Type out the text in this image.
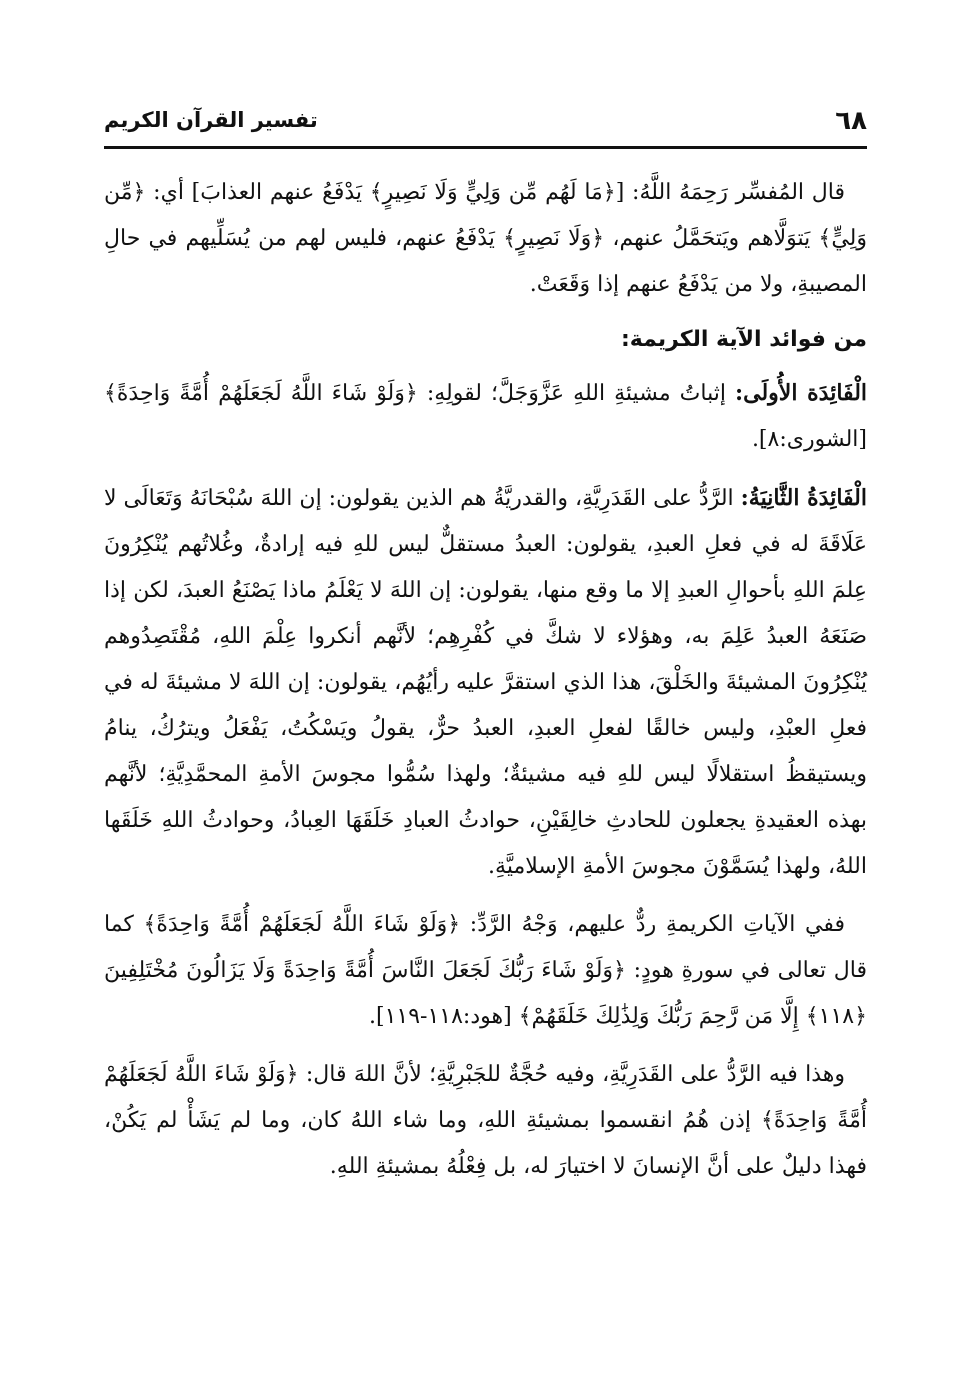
٦٨
تفسير القرآن الكريم

قال المُفسِّر رَحِمَهُ اللَّهُ: [﴿مَا لَهُم مِّن وَلِيٍّ وَلَا نَصِيرٍ﴾ يَدْفَعُ عنهم العذابَ] أي: ﴿مِّن وَلِيٍّ﴾ يَتوَلَّاهم ويَتحَمَّلُ عنهم، ﴿وَلَا نَصِيرٍ﴾ يَدْفَعُ عنهم، فليس لهم من يُسَلِّيهم في حالِ المصيبةِ، ولا من يَدْفَعُ عنهم إذا وَقَعَتْ.

من فوائد الآية الكريمة:

الْفَائِدَة الأُولَى: إثباتُ مشيئةِ اللهِ عَزَّوَجَلَّ؛ لقولِهِ: ﴿وَلَوْ شَاءَ اللَّهُ لَجَعَلَهُمْ أُمَّةً وَاحِدَةً﴾ [الشورى:٨].

الْفَائِدَةُ الثَّانِيَةُ: الرَّدُّ على القَدَرِيَّةِ، والقدريَّةُ هم الذين يقولون: إن اللهَ سُبْحَانَهُ وَتَعَالَى لا عَلَاقَةَ له في فعلِ العبدِ، يقولون: العبدُ مستقلٌّ ليس للهِ فيه إرادةٌ، وغُلاتُهم يُنْكِرُونَ عِلمَ اللهِ بأحوالِ العبدِ إلا ما وقع منها، يقولون: إن اللهَ لا يَعْلَمُ ماذا يَصْنَعُ العبدَ، لكن إذا صَنَعَهُ العبدُ عَلِمَ به، وهؤلاء لا شكَّ في كُفْرِهِم؛ لأنَّهم أنكروا عِلْمَ اللهِ، مُقْتَصِدُوهم يُنْكِرُونَ المشيئةَ والخَلْقَ، هذا الذي استقرَّ عليه رأيُهُم، يقولون: إن اللهَ لا مشيئةَ له في فعلِ العبْدِ، وليس خالقًا لفعلِ العبدِ، العبدُ حرٌّ، يقولُ ويَسْكُتُ، يَفْعَلُ ويترُكُ، ينامُ ويستيقظُ استقلالًا ليس للهِ فيه مشيئةٌ؛ ولهذا سُمُّوا مجوسَ الأمةِ المحمَّدِيَّةِ؛ لأنَّهم بهذه العقيدةِ يجعلون للحادثِ خالِقَيْنِ، حوادثُ العبادِ خَلَقَهَا العِبادُ، وحوادثُ اللهِ خَلَقَها اللهُ، ولهذا يُسَمَّوْنَ مجوسَ الأمةِ الإسلاميَّةِ.

ففي الآياتِ الكريمةِ ردٌّ عليهم، وَجْهُ الرَّدِّ: ﴿وَلَوْ شَاءَ اللَّهُ لَجَعَلَهُمْ أُمَّةً وَاحِدَةً﴾ كما قال تعالى في سورةِ هودٍ: ﴿وَلَوْ شَاءَ رَبُّكَ لَجَعَلَ النَّاسَ أُمَّةً وَاحِدَةً وَلَا يَزَالُونَ مُخْتَلِفِينَ ﴿١١٨﴾ إِلَّا مَن رَّحِمَ رَبُّكَ وَلِذَٰلِكَ خَلَقَهُمْ﴾ [هود:١١٨-١١٩].

وهذا فيه الرَّدُّ على القَدَرِيَّةِ، وفيه حُجَّةٌ للجَبْرِيَّةِ؛ لأنَّ اللهَ قال: ﴿وَلَوْ شَاءَ اللَّهُ لَجَعَلَهُمْ أُمَّةً وَاحِدَةً﴾ إذن هُمُ انقسموا بمشيئةِ اللهِ، وما شاء اللهُ كان، وما لم يَشَأْ لم يَكُنْ، فهذا دليلٌ على أنَّ الإنسانَ لا اختيارَ له، بل فِعْلُهُ بمشيئةِ اللهِ.
